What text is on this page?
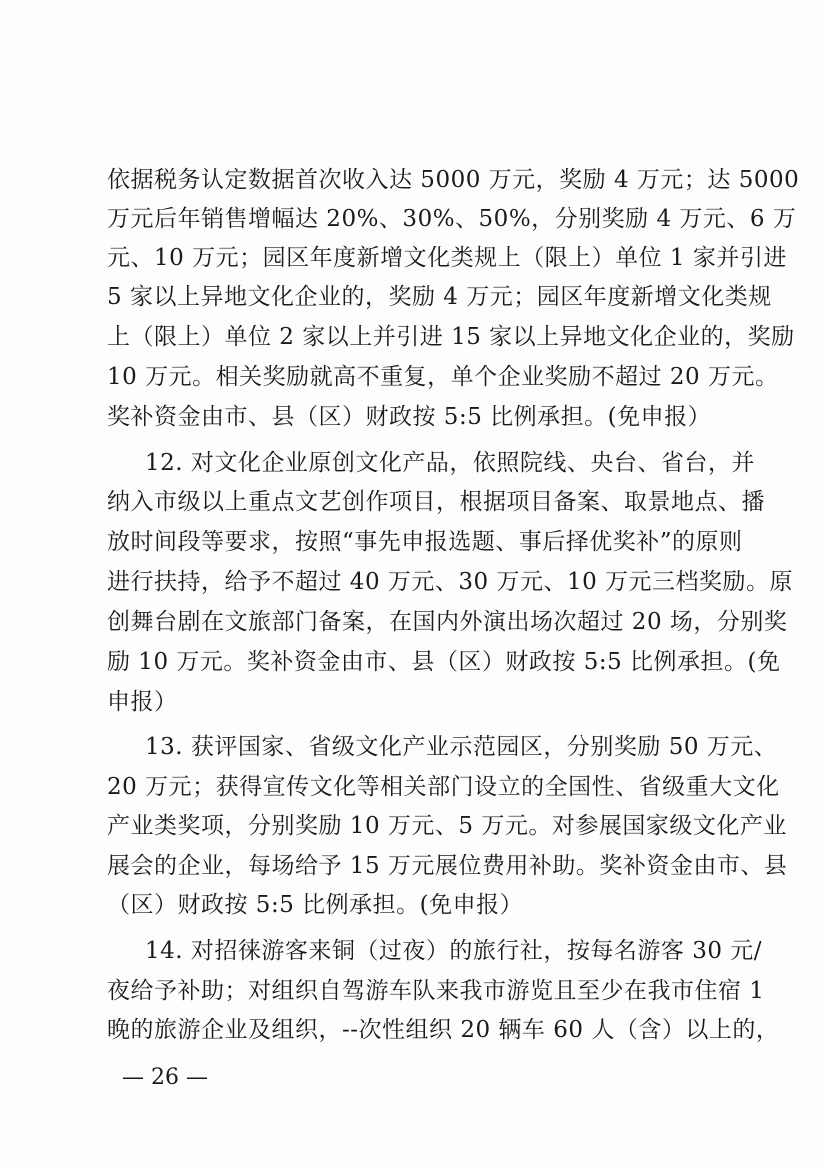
依据税务认定数据首次收入达 5000 万元，奖励 4 万元；达 5000
万元后年销售增幅达 20%、30%、50%，分别奖励 4 万元、6 万
元、10 万元；园区年度新增文化类规上（限上）单位 1 家并引进
5 家以上异地文化企业的，奖励 4 万元；园区年度新增文化类规
上（限上）单位 2 家以上并引进 15 家以上异地文化企业的，奖励
10 万元。相关奖励就高不重复，单个企业奖励不超过 20 万元。
奖补资金由市、县（区）财政按 5:5 比例承担。(免申报）
12. 对文化企业原创文化产品，依照院线、央台、省台，并
纳入市级以上重点文艺创作项目，根据项目备案、取景地点、播
放时间段等要求，按照“事先申报选题、事后择优奖补”的原则
进行扶持，给予不超过 40 万元、30 万元、10 万元三档奖励。原
创舞台剧在文旅部门备案，在国内外演出场次超过 20 场，分别奖
励 10 万元。奖补资金由市、县（区）财政按 5:5 比例承担。(免
申报）
13. 获评国家、省级文化产业示范园区，分别奖励 50 万元、
20 万元；获得宣传文化等相关部门设立的全国性、省级重大文化
产业类奖项，分别奖励 10 万元、5 万元。对参展国家级文化产业
展会的企业，每场给予 15 万元展位费用补助。奖补资金由市、县
（区）财政按 5:5 比例承担。(免申报）
14. 对招徕游客来铜（过夜）的旅行社，按每名游客 30 元/
夜给予补助；对组织自驾游车队来我市游览且至少在我市住宿 1
晚的旅游企业及组织，--次性组织 20 辆车 60 人（含）以上的，
— 26 —
